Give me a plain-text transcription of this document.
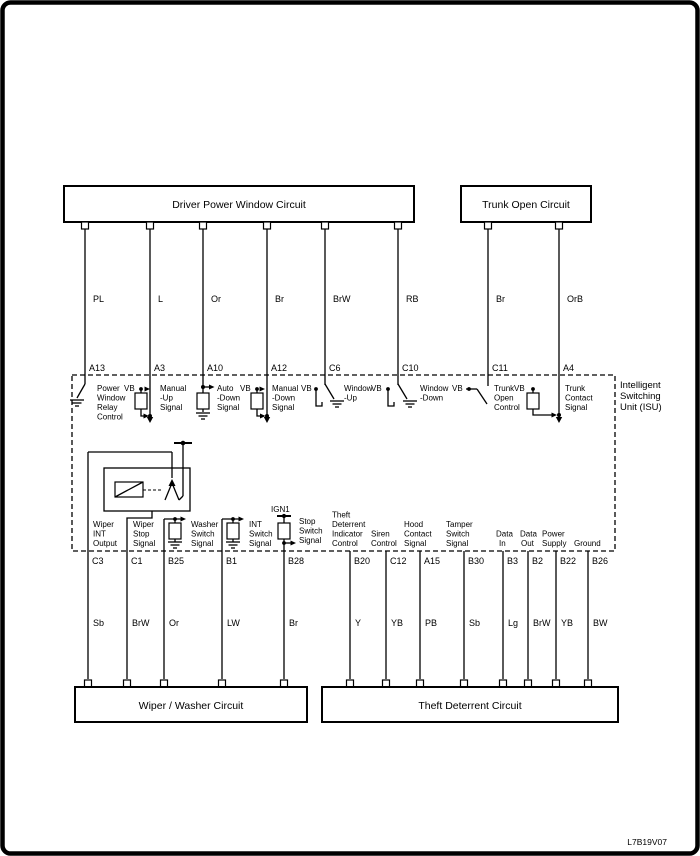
Driver Power Window Circuit	Trunk Open Circuit
Intelligent
Switching
Unit (ISU)
A13
PL
Power
Window
Relay
Control
VB
A3
L
Manual
-Up
Signal
A10
Or
Auto
-Down
Signal
VB
A12
Br
Manual
-Down
Signal
VB
C6
BrW
Window
-Up
VB
C10
RB
Window
-Down
VB
C11
Br
Trunk
Open
Control
VB
A4
OrB
Trunk
Contact
Signal
C3
Sb
Wiper
INT
Output
C1
BrW
Wiper
Stop
Signal
B25
Or
Washer
Switch
Signal
B1
LW
INT
Switch
Signal
IGN1
B28
Br
Stop
Switch
Signal
B20
Y
Theft
Deterrent
Indicator
Control
C12
YB
Siren
Control
A15
PB
Hood
Contact
Signal
B30
Sb
Tamper
Switch
Signal
B3
Lg
Data
In
B2
BrW
Data
Out
B22
YB
Power
Supply
B26
BW
Ground
Wiper / Washer Circuit	Theft Deterrent Circuit
L7B19V07
